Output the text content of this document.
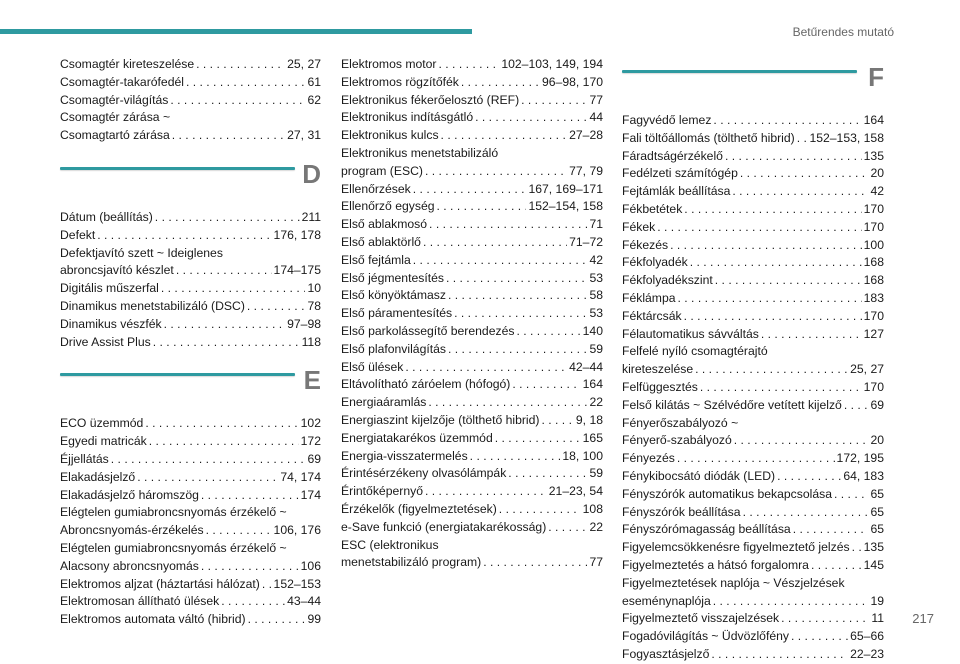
Betűrendes mutató
Csomagtér kireteszelése . . .	25, 27
Csomagtér-takarófedél . . .	61
Csomagtér-világítás . . .	62
Csomagtér zárása ~
Csomagtartó zárása . . .	27, 31
D
Dátum (beállítás) . . .	211
Defekt . . .	176, 178
Defektjavító szett ~ Ideiglenes
abroncsjavító készlet . . .	174–175
Digitális műszerfal . . .	10
Dinamikus menetstabilizáló (DSC) . . .	78
Dinamikus vészfék . . .	97–98
Drive Assist Plus . . .	118
E
ECO üzemmód . . .	102
Egyedi matricák . . .	172
Éjjellátás . . .	69
Elakadásjelző . . .	74, 174
Elakadásjelző háromszög . . .	174
Elégtelen gumiabroncsnyomás érzékelő ~
Abroncsnyomás-érzékelés . . .	106, 176
Elégtelen gumiabroncsnyomás érzékelő ~
Alacsony abroncsnyomás . . .	106
Elektromos aljzat (háztartási hálózat) . . . 152–153
Elektromosan állítható ülések . . .	43–44
Elektromos automata váltó (hibrid) . . .	99
Elektromos motor . . .	102–103, 149, 194
Elektromos rögzítőfék . . .	96–98, 170
Elektronikus fékerőelosztó (REF) . . .	77
Elektronikus indításgátló . . .	44
Elektronikus kulcs . . .	27–28
Elektronikus menetstabilizáló
program (ESC) . . .	77, 79
Ellenőrzések . . .	167, 169–171
Ellenőrző egység . . .	152–154, 158
Első ablakmosó . . .	71
Első ablaktörlő . . .	71–72
Első fejtámla . . .	42
Első jégmentesítés . . .	53
Első könyöktámasz . . .	58
Első páramentesítés . . .	53
Első parkolássegítő berendezés . . .	140
Első plafonvilágítás . . .	59
Első ülések . . .	42–44
Eltávolítható záróelem (hófogó) . . .	164
Energiaáramlás . . .	22
Energiaszint kijelzője (tölthető hibrid) . . .	9, 18
Energiatakarékos üzemmód . . .	165
Energia-visszatermelés . . .	18, 100
Érintésérzékeny olvasólámpák . . .	59
Érintőképernyő . . .	21–23, 54
Érzékelők (figyelmeztetések) . . .	108
e-Save funkció (energiatakarékosság) . . .	22
ESC (elektronikus
menetstabilizáló program) . . .	77
F
Fagyvédő lemez . . .	164
Fali töltőállomás (tölthető hibrid) . . . 152–153, 158
Fáradtságérzékelő . . .	135
Fedélzeti számítógép . . .	20
Fejtámlák beállítása . . .	42
Fékbetétek . . .	170
Fékek . . .	170
Fékezés . . .	100
Fékfolyadék . . .	168
Fékfolyadékszint . . .	168
Féklámpa . . .	183
Féktárcsák . . .	170
Félautomatikus sávváltás . . .	127
Felfelé nyíló csomagtérajtó
kireteszelése . . .	25, 27
Felfüggesztés . . .	170
Felső kilátás ~ Szélvédőre vetített kijelző . . . 69
Fényerőszabályozó ~
Fényerő-szabályozó . . .	20
Fényezés . . .	172, 195
Fénykibocsátó diódák (LED) . . .	64, 183
Fényszórók automatikus bekapcsolása . . .	65
Fényszórók beállítása . . .	65
Fényszórómagasság beállítása . . .	65
Figyelemcsökkenésre figyelmeztető jelzés . . . 135
Figyelmeztetés a hátsó forgalomra . . .	145
Figyelmeztetések naplója ~ Vészjelzések
eseménynaplója . . .	19
Figyelmeztető visszajelzések . . .	11
Fogadóvilágítás ~ Üdvözlőfény . . .	65–66
Fogyasztásjelző . . .	22–23
217
